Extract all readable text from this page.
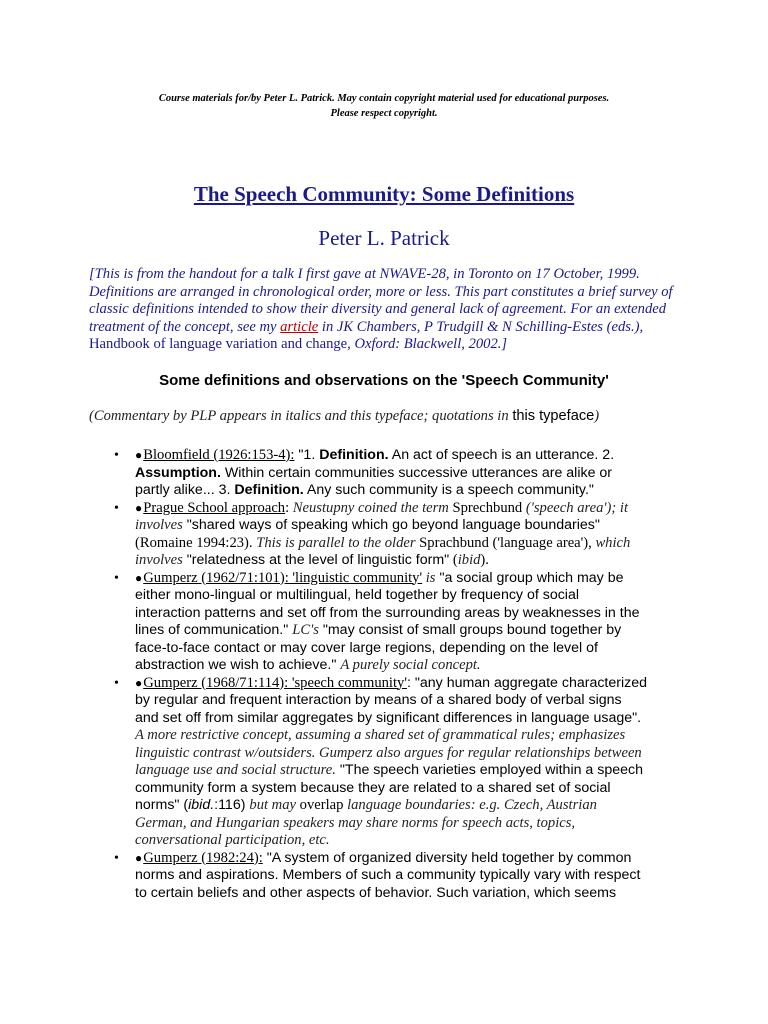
Course materials for/by Peter L. Patrick. May contain copyright material used for educational purposes.
Please respect copyright.
The Speech Community: Some Definitions
Peter L. Patrick
[This is from the handout for a talk I first gave at NWAVE-28, in Toronto on 17 October, 1999. Definitions are arranged in chronological order, more or less. This part constitutes a brief survey of classic definitions intended to show their diversity and general lack of agreement. For an extended treatment of the concept, see my article in JK Chambers, P Trudgill & N Schilling-Estes (eds.), Handbook of language variation and change, Oxford: Blackwell, 2002.]
Some definitions and observations on the 'Speech Community'
(Commentary by PLP appears in italics and this typeface; quotations in this typeface)
• ●Bloomfield (1926:153-4): "1. Definition. An act of speech is an utterance. 2. Assumption. Within certain communities successive utterances are alike or partly alike... 3. Definition. Any such community is a speech community."
• ●Prague School approach: Neustupny coined the term Sprechbund ('speech area'); it involves "shared ways of speaking which go beyond language boundaries" (Romaine 1994:23). This is parallel to the older Sprachbund ('language area'), which involves "relatedness at the level of linguistic form" (ibid).
• ●Gumperz (1962/71:101): 'linguistic community' is "a social group which may be either mono-lingual or multilingual, held together by frequency of social interaction patterns and set off from the surrounding areas by weaknesses in the lines of communication." LC's "may consist of small groups bound together by face-to-face contact or may cover large regions, depending on the level of abstraction we wish to achieve." A purely social concept.
• ●Gumperz (1968/71:114): 'speech community': "any human aggregate characterized by regular and frequent interaction by means of a shared body of verbal signs and set off from similar aggregates by significant differences in language usage". A more restrictive concept, assuming a shared set of grammatical rules; emphasizes linguistic contrast w/outsiders. Gumperz also argues for regular relationships between language use and social structure. "The speech varieties employed within a speech community form a system because they are related to a shared set of social norms" (ibid.:116) but may overlap language boundaries: e.g. Czech, Austrian German, and Hungarian speakers may share norms for speech acts, topics, conversational participation, etc.
• ●Gumperz (1982:24): "A system of organized diversity held together by common norms and aspirations. Members of such a community typically vary with respect to certain beliefs and other aspects of behavior. Such variation, which seems
